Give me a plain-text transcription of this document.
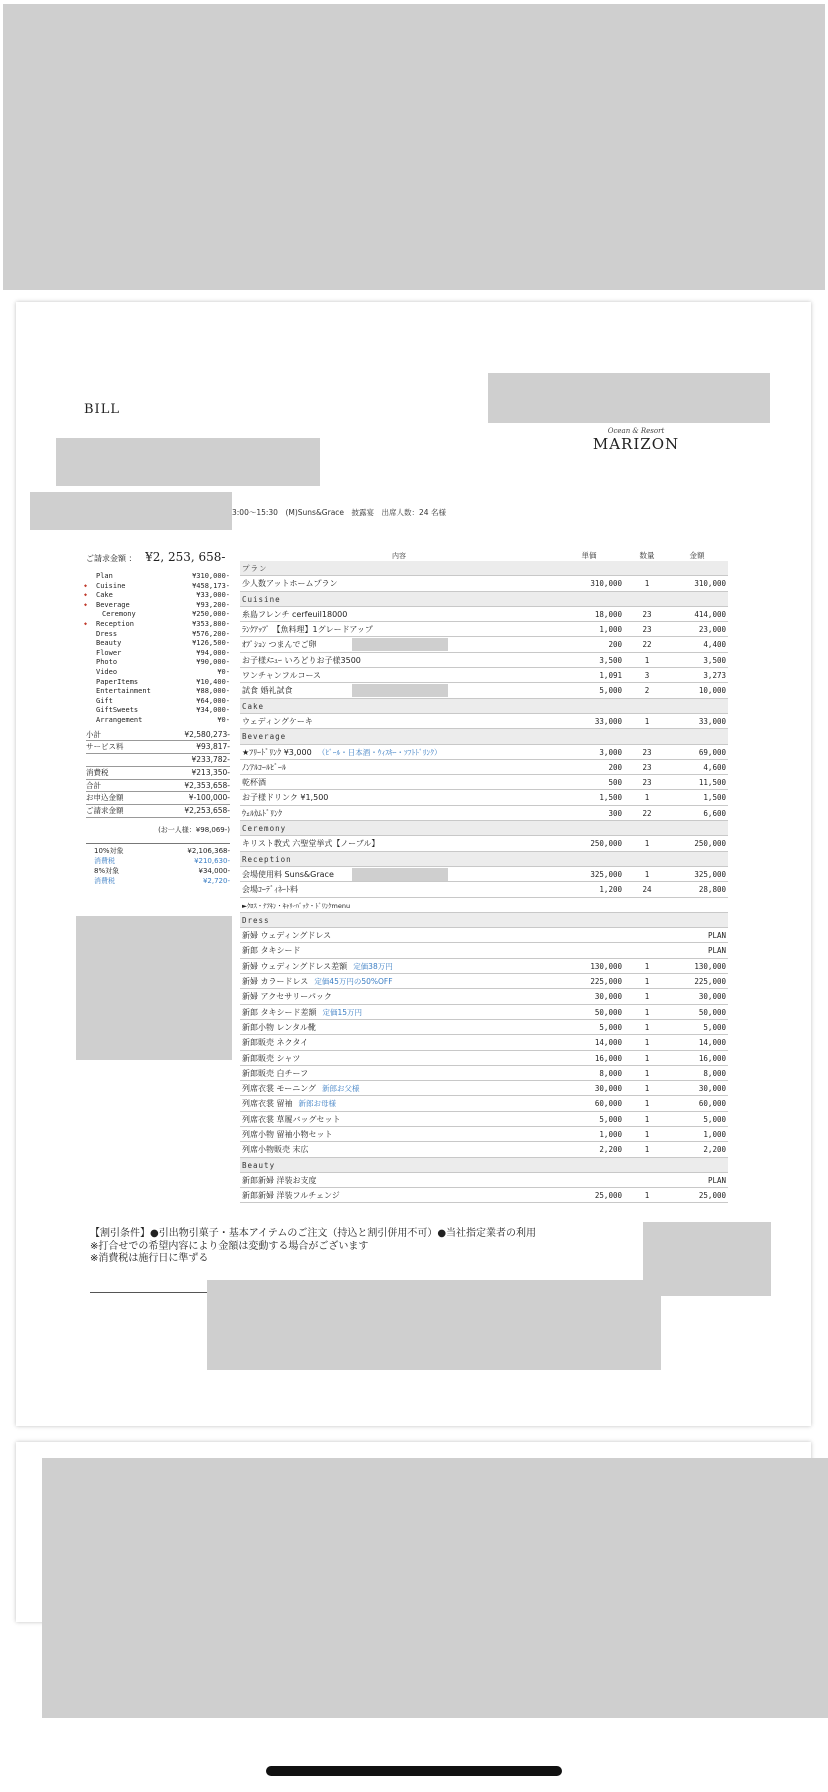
BILL
Ocean & Resort
MARIZON
3:00～15:30　(M)Suns&Grace　披露宴　出席人数：24 名様
ご請求金額 ： ¥2, 253, 658-
Plan	¥310,000-
◆ Cuisine	¥458,173-
◆ Cake	¥33,000-
◆ Beverage	¥93,200-
Ceremony	¥250,000-
◆ Reception	¥353,800-
Dress	¥576,200-
Beauty	¥126,500-
Flower	¥94,000-
Photo	¥90,000-
Video	¥0-
PaperItems	¥10,400-
Entertainment	¥88,000-
Gift	¥64,000-
GiftSweets	¥34,000-
Arrangement	¥0-
小計	¥2,580,273-
サービス料	¥93,817-
¥233,782-
消費税	¥213,350-
合計	¥2,353,658-
お申込金額	¥-100,000-
ご請求金額	¥2,253,658-
(お一人様：¥98,069-)
10%対象	¥2,106,368-
消費税	¥210,630-
8%対象	¥34,000-
消費税	¥2,720-
内容	単価	数量	金額
プラン
少人数アットホームプラン	310,000	1	310,000
Cuisine
糸島フレンチ cerfeuil18000	18,000	23	414,000
ﾗﾝｸｱｯﾌﾟ 【魚料理】1グレードアップ	1,000	23	23,000
ｵﾌﾟｼｮﾝ つまんでご卵	200	22	4,400
お子様ﾒﾆｭｰ いろどりお子様3500	3,500	1	3,500
ワンチャンフルコース	1,091	3	3,273
試食 婚礼試食	5,000	2	10,000
Cake
ウェディングケーキ	33,000	1	33,000
Beverage
★ﾌﾘｰﾄﾞﾘﾝｸ ¥3,000 （ﾋﾞｰﾙ・日本酒・ｳｨｽｷｰ・ｿﾌﾄﾄﾞﾘﾝｸ）	3,000	23	69,000
ﾉﾝｱﾙｺｰﾙﾋﾞｰﾙ	200	23	4,600
乾杯酒	500	23	11,500
お子様ドリンク ¥1,500	1,500	1	1,500
ｳｪﾙｶﾑﾄﾞﾘﾝｸ	300	22	6,600
Ceremony
キリスト教式 六聖堂挙式【ノーブル】	250,000	1	250,000
Reception
会場使用料 Suns&Grace	325,000	1	325,000
会場ｺｰﾃﾞｨﾈｰﾄ料	1,200	24	28,800
►ｸﾛｽ・ﾅﾌｷﾝ・ｷｬﾘｰﾊﾞｯｸ・ﾄﾞﾘﾝｸmenu
Dress
新婦 ウェディングドレス	PLAN
新郎 タキシード	PLAN
新婦 ウェディングドレス差額 定価38万円	130,000	1	130,000
新婦 カラードレス 定価45万円の50%OFF	225,000	1	225,000
新婦 アクセサリーパック	30,000	1	30,000
新郎 タキシード差額 定価15万円	50,000	1	50,000
新郎小物 レンタル靴	5,000	1	5,000
新郎販売 ネクタイ	14,000	1	14,000
新郎販売 シャツ	16,000	1	16,000
新郎販売 白チーフ	8,000	1	8,000
列席衣裳 モーニング 新郎お父様	30,000	1	30,000
列席衣裳 留袖 新郎お母様	60,000	1	60,000
列席衣裳 草履バッグセット	5,000	1	5,000
列席小物 留袖小物セット	1,000	1	1,000
列席小物販売 末広	2,200	1	2,200
Beauty
新郎新婦 洋装お支度	PLAN
新郎新婦 洋装フルチェンジ	25,000	1	25,000
【割引条件】●引出物引菓子・基本アイテムのご注文（持込と割引併用不可）●当社指定業者の利用
※打合せでの希望内容により金額は変動する場合がございます
※消費税は施行日に準ずる
